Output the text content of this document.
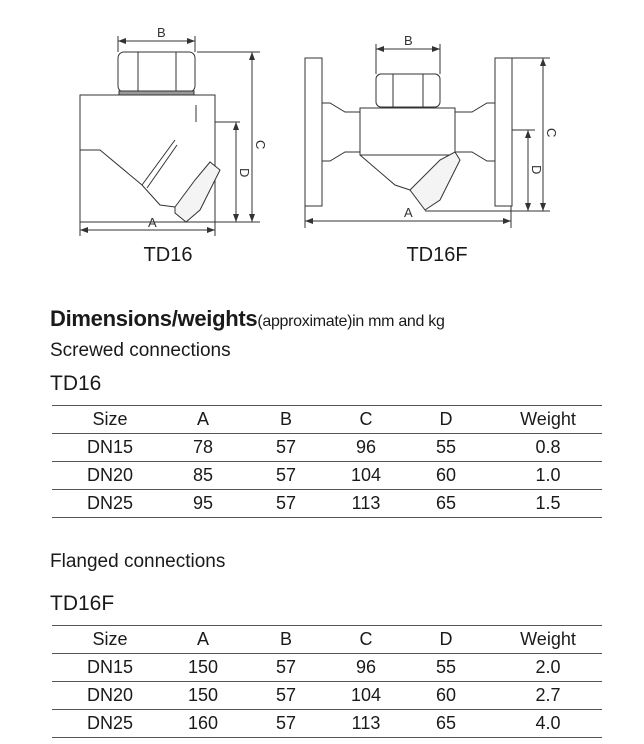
B
A
C
D
B
A
C
D
TD16	TD16F
Dimensions/weights(approximate)in mm and kg
Screwed connections
TD16
Size	A	B	C	D	Weight
DN15	78	57	96	55	0.8
DN20	85	57	104	60	1.0
DN25	95	57	113	65	1.5
Flanged connections
TD16F
Size	A	B	C	D	Weight
DN15	150	57	96	55	2.0
DN20	150	57	104	60	2.7
DN25	160	57	113	65	4.0
